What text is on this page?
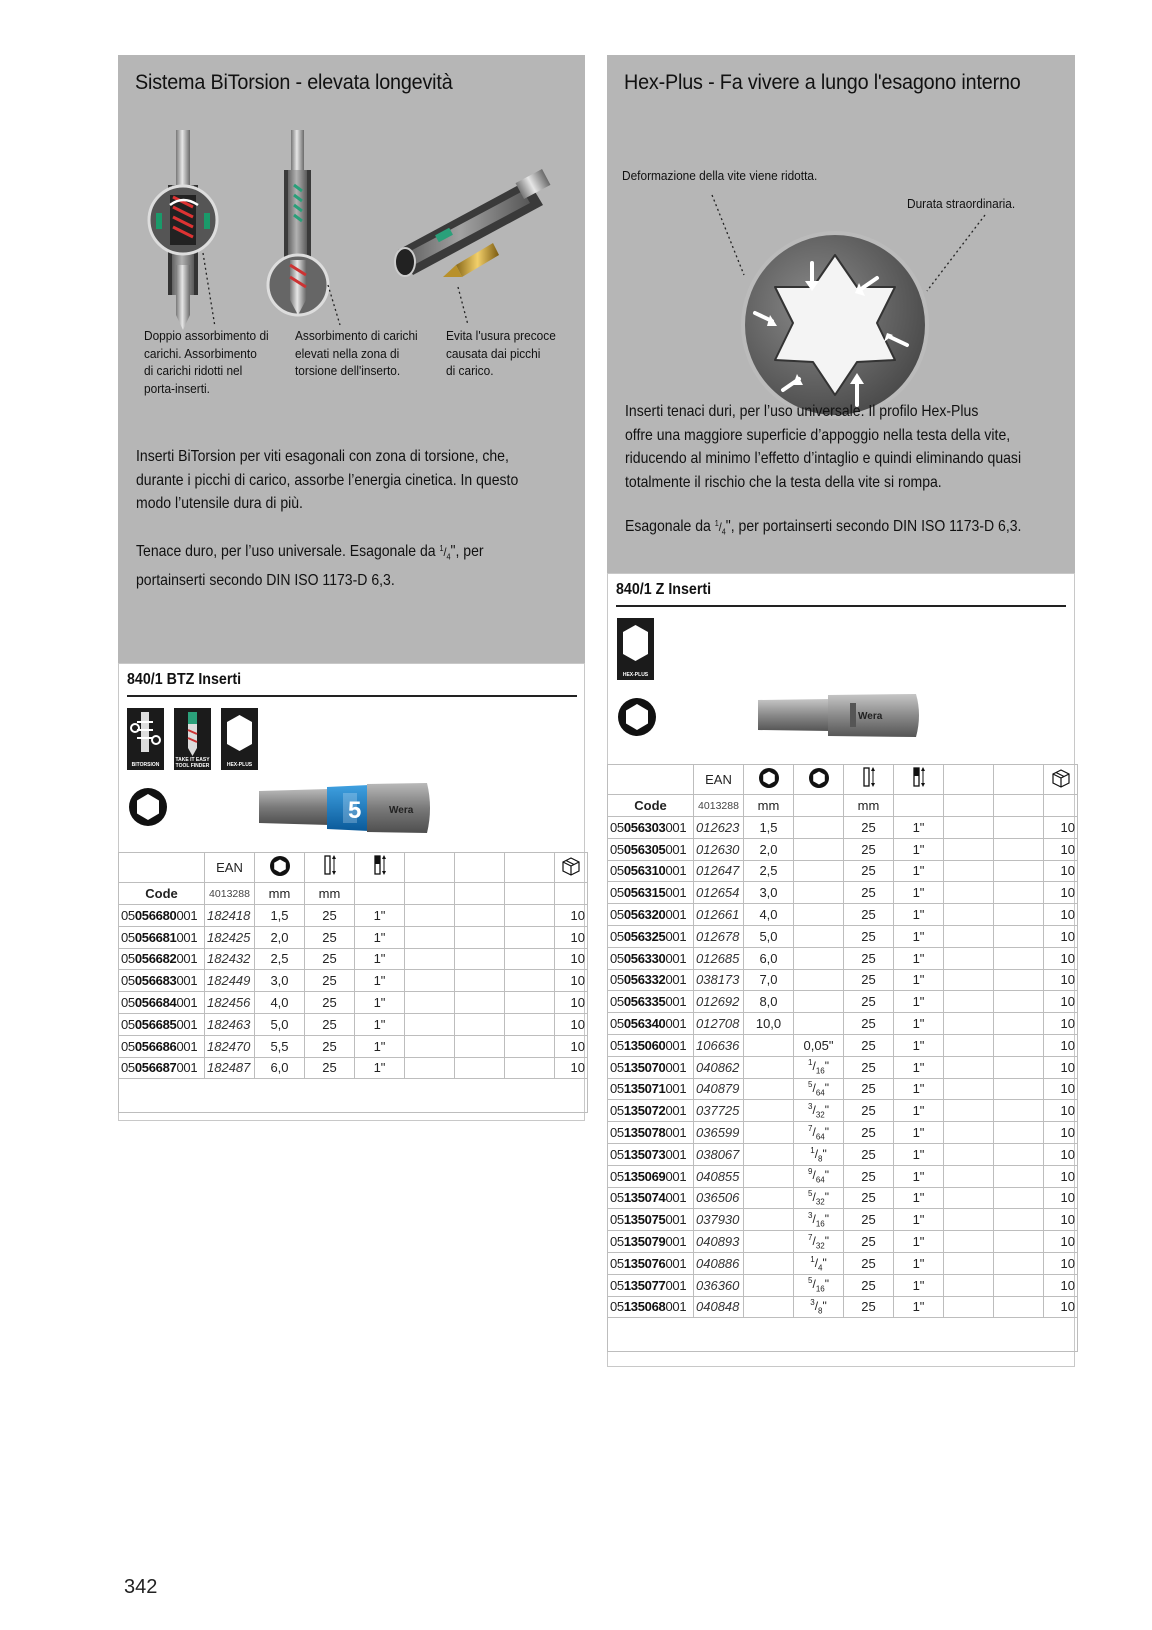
Sistema BiTorsion - elevata longevità
Doppio assorbimento di
carichi. Assorbimento
di carichi ridotti nel
porta-inserti.
Assorbimento di carichi
elevati nella zona di
torsione dell'inserto.
Evita l'usura precoce
causata dai picchi
di carico.
Inserti BiTorsion per viti esagonali con zona di torsione, che,
durante i picchi di carico, assorbe l’energia cinetica. In questo
modo l’utensile dura di più.
Tenace duro, per l’uso universale. Esagonale da $^1/_4$", per
portainserti secondo DIN ISO 1173-D 6,3.
Hex-Plus - Fa vivere a lungo l'esagono interno
Deformazione della vite viene ridotta.
Durata straordinaria.
Inserti tenaci duri, per l’uso universale. Il profilo Hex-Plus
offre una maggiore superficie d’appoggio nella testa della vite,
riducendo al minimo l’effetto d’intaglio e quindi eliminando quasi
totalmente il rischio che la testa della vite si rompa.
Esagonale da $^1/_4$", per portainserti secondo DIN ISO 1173-D 6,3.
840/1 BTZ Inserti
BITORSION
TAKE IT EASY TOOL FINDER	HEX-PLUS
5	Wera
	EAN							
Code	4013288	mm	mm					
05056680001	182418	1,5	25	1"				10
05056681001	182425	2,0	25	1"				10
05056682001	182432	2,5	25	1"				10
05056683001	182449	3,0	25	1"				10
05056684001	182456	4,0	25	1"				10
05056685001	182463	5,0	25	1"				10
05056686001	182470	5,5	25	1"				10
05056687001	182487	6,0	25	1"				10

840/1 Z Inserti
HEX-PLUS
Wera
	EAN							
Code	4013288	mm		mm				
05056303001	012623	1,5		25	1"			10
05056305001	012630	2,0		25	1"			10
05056310001	012647	2,5		25	1"			10
05056315001	012654	3,0		25	1"			10
05056320001	012661	4,0		25	1"			10
05056325001	012678	5,0		25	1"			10
05056330001	012685	6,0		25	1"			10
05056332001	038173	7,0		25	1"			10
05056335001	012692	8,0		25	1"			10
05056340001	012708	10,0		25	1"			10
05135060001	106636		0,05"	25	1"			10
05135070001	040862		$^1/_{16}$"	25	1"			10
05135071001	040879		$^5/_{64}$"	25	1"			10
05135072001	037725		$^3/_{32}$"	25	1"			10
05135078001	036599		$^7/_{64}$"	25	1"			10
05135073001	038067		$^1/_8$"	25	1"			10
05135069001	040855		$^9/_{64}$"	25	1"			10
05135074001	036506		$^5/_{32}$"	25	1"			10
05135075001	037930		$^3/_{16}$"	25	1"			10
05135079001	040893		$^7/_{32}$"	25	1"			10
05135076001	040886		$^1/_4$"	25	1"			10
05135077001	036360		$^5/_{16}$"	25	1"			10
05135068001	040848		$^3/_8$"	25	1"			10

342
